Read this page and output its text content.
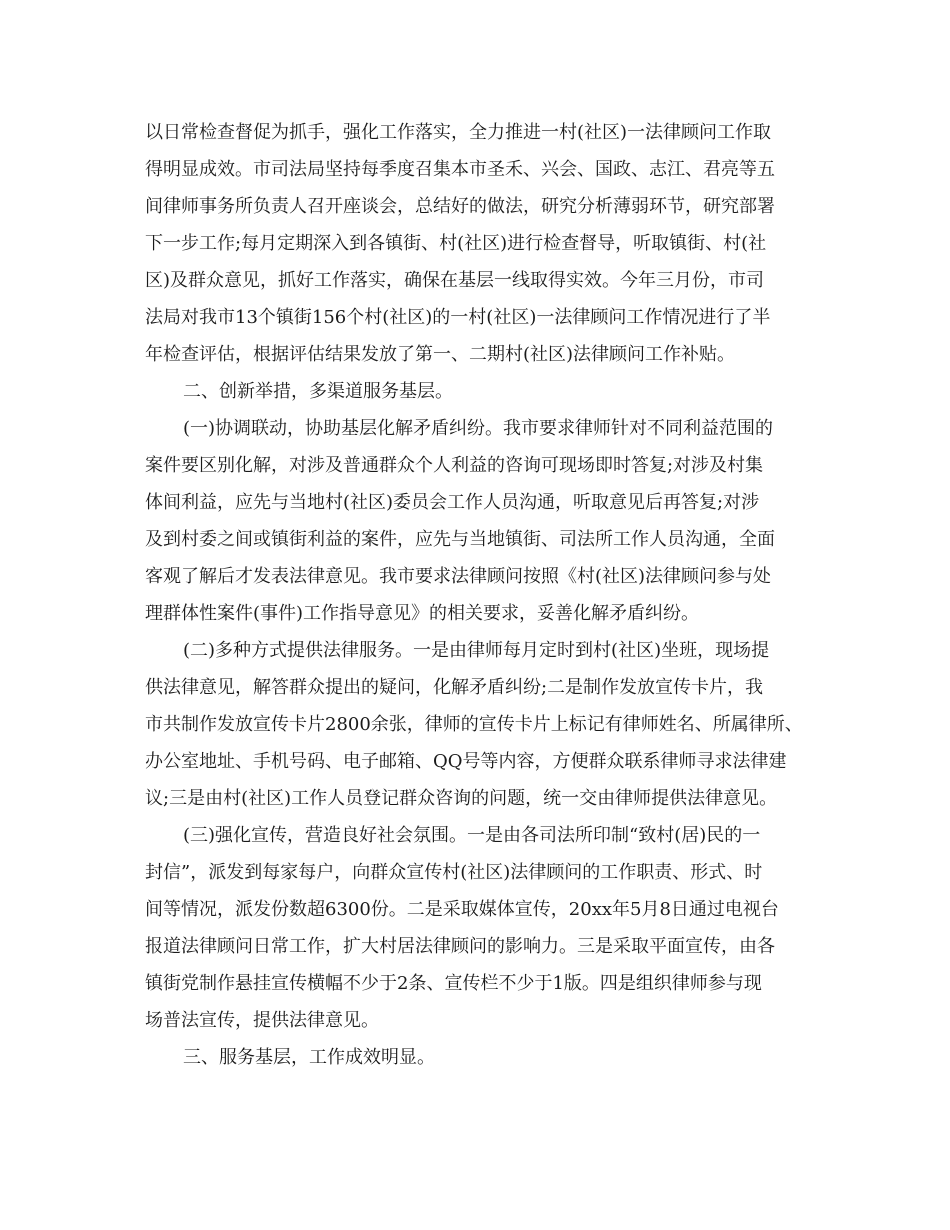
以日常检查督促为抓手，强化工作落实，全力推进一村(社区)一法律顾问工作取
得明显成效。市司法局坚持每季度召集本市圣禾、兴会、国政、志江、君亮等五
间律师事务所负责人召开座谈会，总结好的做法，研究分析薄弱环节，研究部署
下一步工作;每月定期深入到各镇街、村(社区)进行检查督导，听取镇街、村(社
区)及群众意见，抓好工作落实，确保在基层一线取得实效。今年三月份，市司
法局对我市13个镇街156个村(社区)的一村(社区)一法律顾问工作情况进行了半
年检查评估，根据评估结果发放了第一、二期村(社区)法律顾问工作补贴。
二、创新举措，多渠道服务基层。
(一)协调联动，协助基层化解矛盾纠纷。我市要求律师针对不同利益范围的
案件要区别化解，对涉及普通群众个人利益的咨询可现场即时答复;对涉及村集
体间利益，应先与当地村(社区)委员会工作人员沟通，听取意见后再答复;对涉
及到村委之间或镇街利益的案件，应先与当地镇街、司法所工作人员沟通，全面
客观了解后才发表法律意见。我市要求法律顾问按照《村(社区)法律顾问参与处
理群体性案件(事件)工作指导意见》的相关要求，妥善化解矛盾纠纷。
(二)多种方式提供法律服务。一是由律师每月定时到村(社区)坐班，现场提
供法律意见，解答群众提出的疑问，化解矛盾纠纷;二是制作发放宣传卡片，我
市共制作发放宣传卡片2800余张，律师的宣传卡片上标记有律师姓名、所属律所、
办公室地址、手机号码、电子邮箱、QQ号等内容，方便群众联系律师寻求法律建
议;三是由村(社区)工作人员登记群众咨询的问题，统一交由律师提供法律意见。
(三)强化宣传，营造良好社会氛围。一是由各司法所印制“致村(居)民的一
封信”，派发到每家每户，向群众宣传村(社区)法律顾问的工作职责、形式、时
间等情况，派发份数超6300份。二是采取媒体宣传，20xx年5月8日通过电视台
报道法律顾问日常工作，扩大村居法律顾问的影响力。三是采取平面宣传，由各
镇街党制作悬挂宣传横幅不少于2条、宣传栏不少于1版。四是组织律师参与现
场普法宣传，提供法律意见。
三、服务基层，工作成效明显。
